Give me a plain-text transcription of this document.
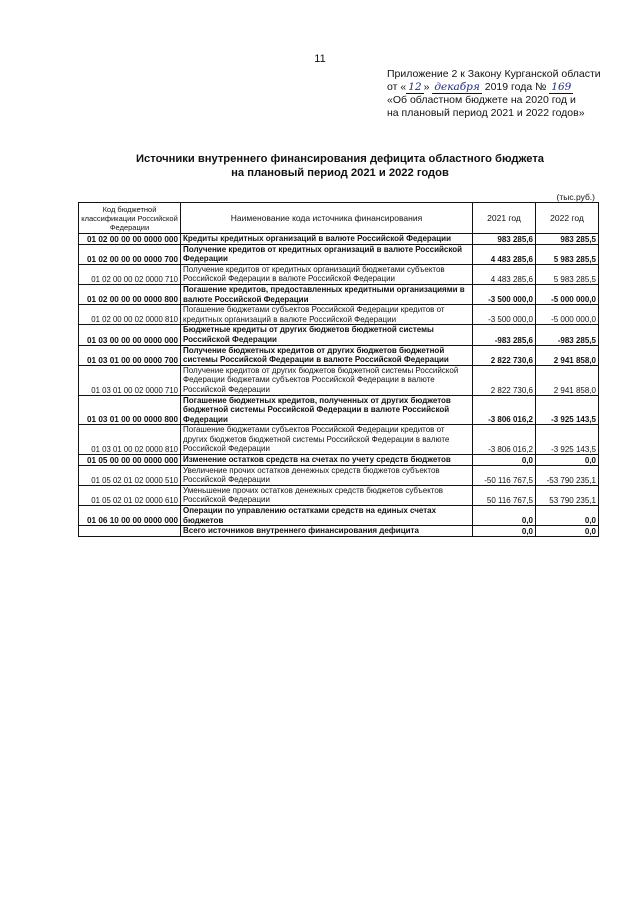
11
Приложение 2 к Закону Курганской области
от « 12 » декабря 2019 года № 169
«Об областном бюджете на 2020 год и
на плановый период 2021 и 2022 годов»
Источники внутреннего финансирования дефицита областного бюджета
на плановый период 2021 и 2022 годов
(тыс.руб.)
Код бюджетной классификации Российской Федерации	Наименование кода источника финансирования	2021 год	2022 год
01 02 00 00 00 0000 000	Кредиты кредитных организаций в валюте Российской Федерации	983 285,6	983 285,5
01 02 00 00 00 0000 700	Получение кредитов от кредитных организаций в валюте Российской Федерации	4 483 285,6	5 983 285,5
01 02 00 00 02 0000 710	Получение кредитов от кредитных организаций бюджетами субъектов Российской Федерации в валюте Российской Федерации	4 483 285,6	5 983 285,5
01 02 00 00 00 0000 800	Погашение кредитов, предоставленных кредитными организациями в валюте Российской Федерации	-3 500 000,0	-5 000 000,0
01 02 00 00 02 0000 810	Погашение бюджетами субъектов Российской Федерации кредитов от кредитных организаций в валюте Российской Федерации	-3 500 000,0	-5 000 000,0
01 03 00 00 00 0000 000	Бюджетные кредиты от других бюджетов бюджетной системы Российской Федерации	-983 285,6	-983 285,5
01 03 01 00 00 0000 700	Получение бюджетных кредитов от других бюджетов бюджетной системы Российской Федерации в валюте Российской Федерации	2 822 730,6	2 941 858,0
01 03 01 00 02 0000 710	Получение кредитов от других бюджетов бюджетной системы Российской Федерации бюджетами субъектов Российской Федерации в валюте Российской Федерации	2 822 730,6	2 941 858,0
01 03 01 00 00 0000 800	Погашение бюджетных кредитов, полученных от других бюджетов бюджетной системы Российской Федерации в валюте Российской Федерации	-3 806 016,2	-3 925 143,5
01 03 01 00 02 0000 810	Погашение бюджетами субъектов Российской Федерации кредитов от других бюджетов бюджетной системы Российской Федерации в валюте Российской Федерации	-3 806 016,2	-3 925 143,5
01 05 00 00 00 0000 000	Изменение остатков средств на счетах по учету средств бюджетов	0,0	0,0
01 05 02 01 02 0000 510	Увеличение прочих остатков денежных средств бюджетов субъектов Российской Федерации	-50 116 767,5	-53 790 235,1
01 05 02 01 02 0000 610	Уменьшение прочих остатков денежных средств бюджетов субъектов Российской Федерации	50 116 767,5	53 790 235,1
01 06 10 00 00 0000 000	Операции по управлению остатками средств на единых счетах бюджетов	0,0	0,0
	Всего источников внутреннего финансирования дефицита	0,0	0,0
